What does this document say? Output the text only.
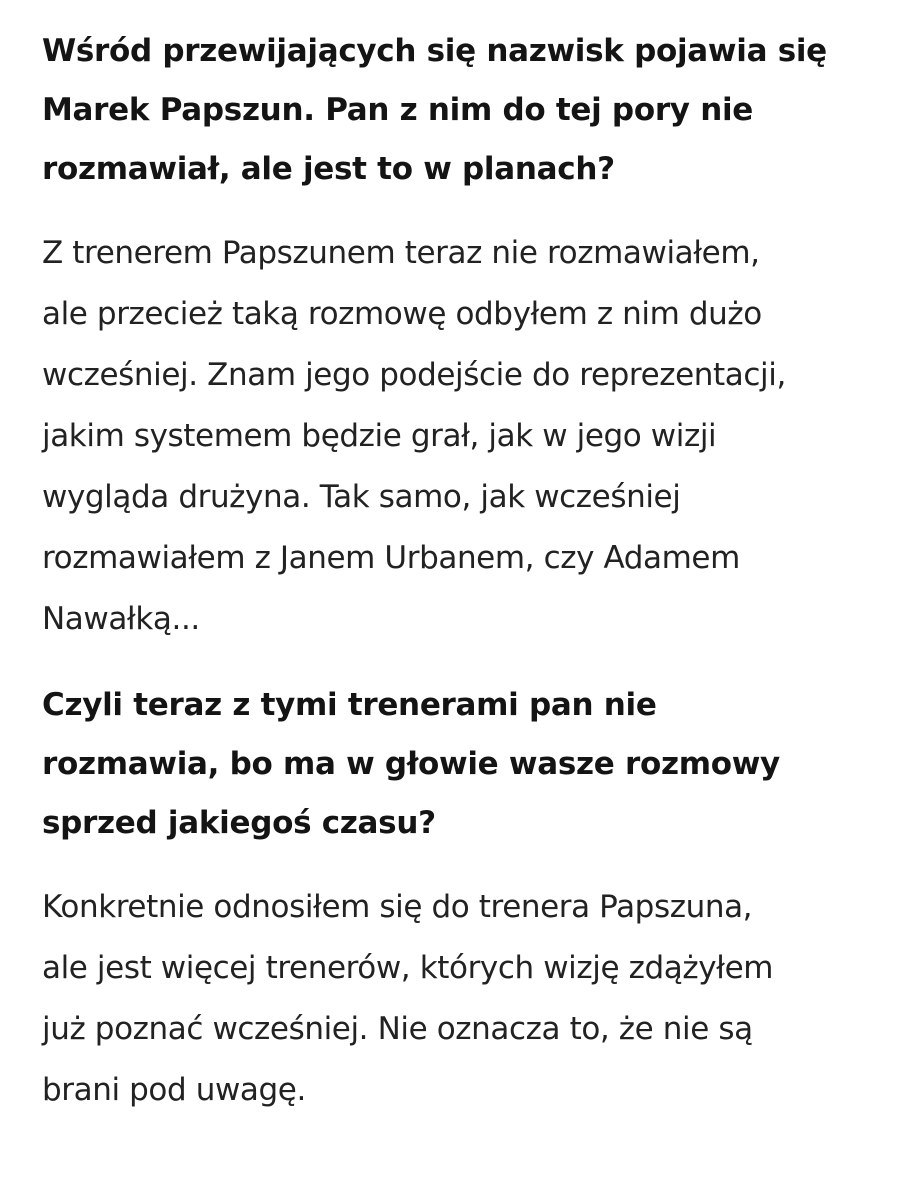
Wśród przewijających się nazwisk pojawia się
Marek Papszun. Pan z nim do tej pory nie
rozmawiał, ale jest to w planach?

Z trenerem Papszunem teraz nie rozmawiałem,
ale przecież taką rozmowę odbyłem z nim dużo
wcześniej. Znam jego podejście do reprezentacji,
jakim systemem będzie grał, jak w jego wizji
wygląda drużyna. Tak samo, jak wcześniej
rozmawiałem z Janem Urbanem, czy Adamem
Nawałką...

Czyli teraz z tymi trenerami pan nie
rozmawia, bo ma w głowie wasze rozmowy
sprzed jakiegoś czasu?

Konkretnie odnosiłem się do trenera Papszuna,
ale jest więcej trenerów, których wizję zdążyłem
już poznać wcześniej. Nie oznacza to, że nie są
brani pod uwagę.
